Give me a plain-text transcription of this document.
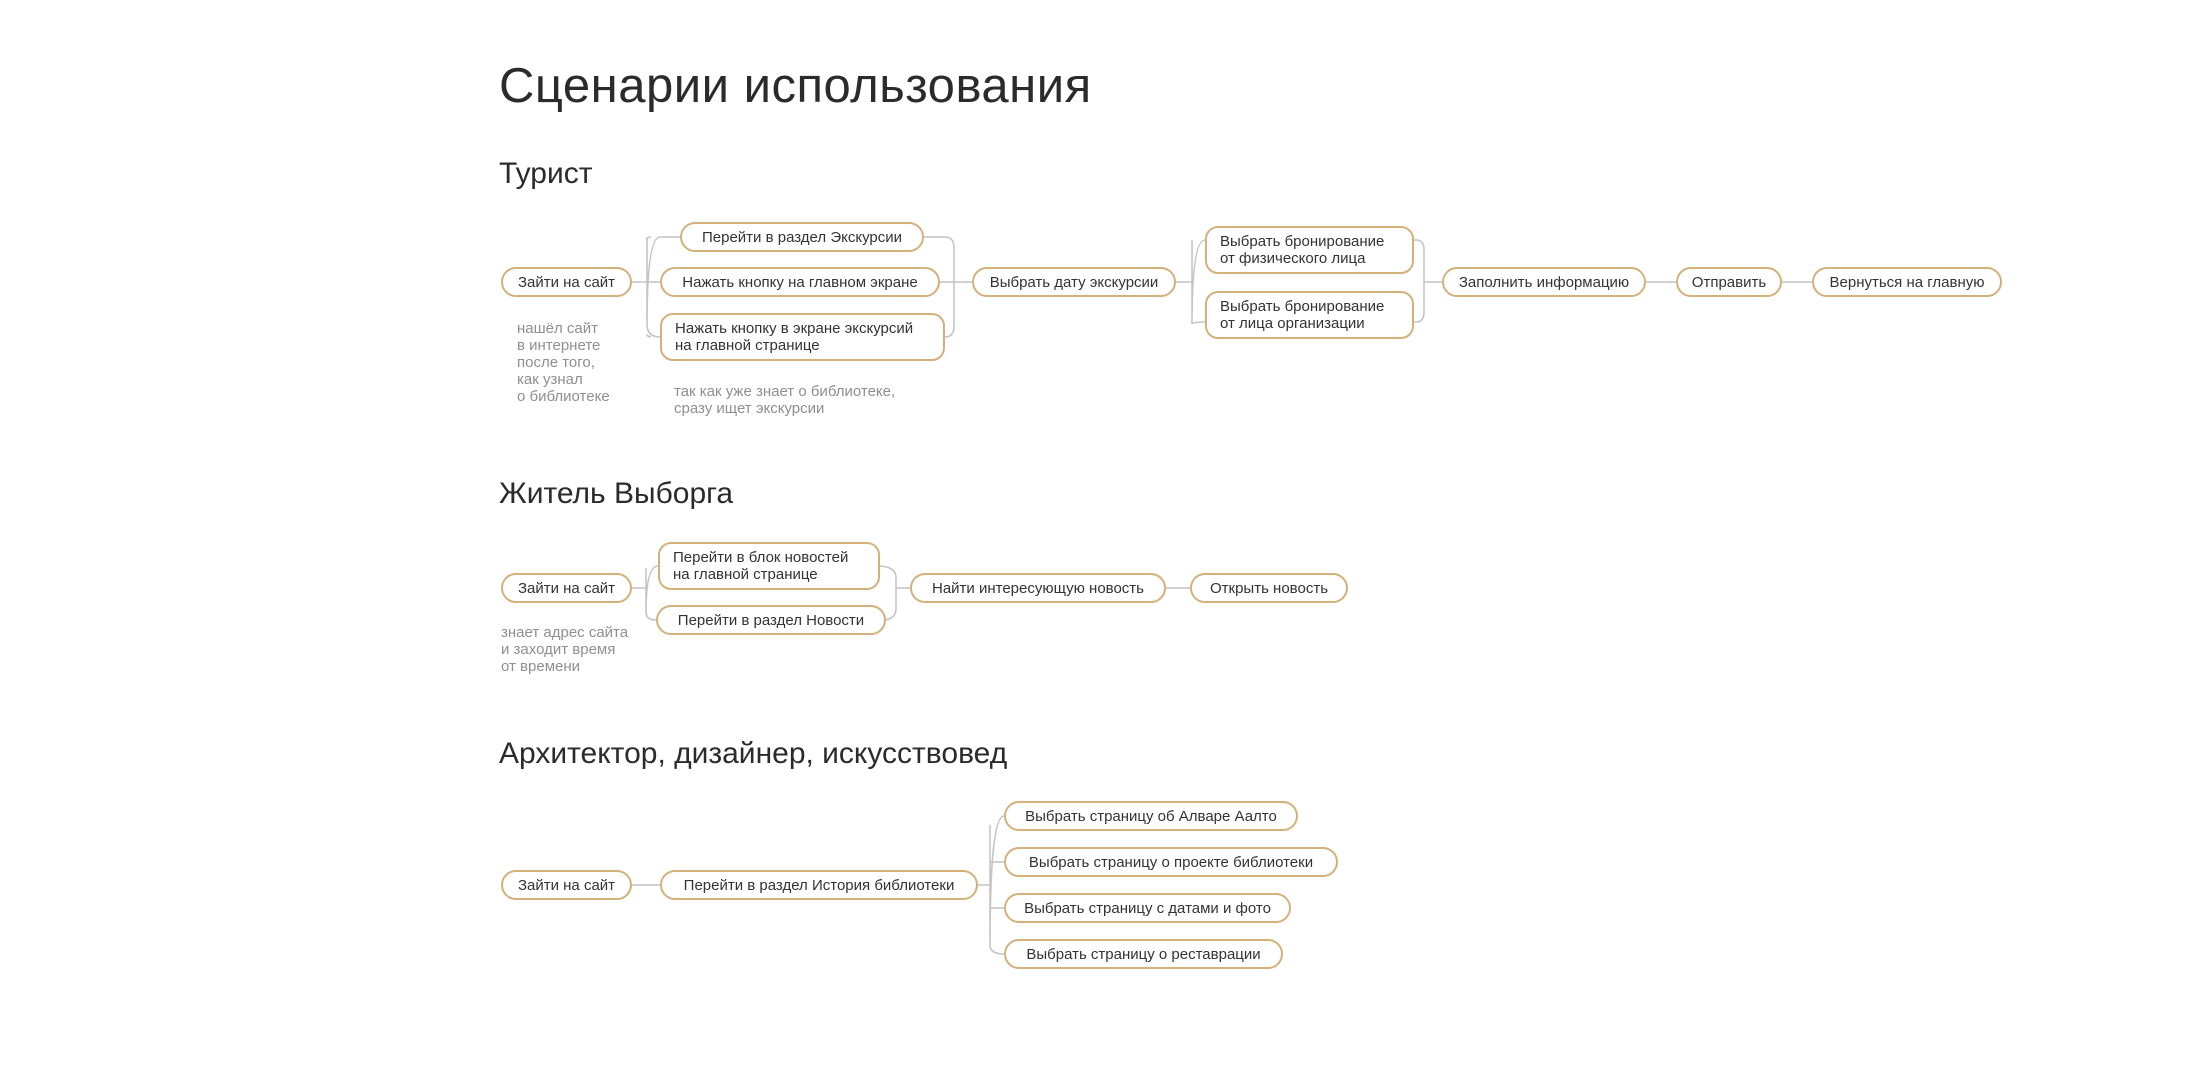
Сценарии использования
Турист
Зайти на сайт
Перейти в раздел Экскурсии
Нажать кнопку на главном экране
Нажать кнопку в экране экскурсий
на главной странице
Выбрать дату экскурсии
Выбрать бронирование
от физического лица
Выбрать бронирование
от лица организации
Заполнить информацию	Отправить	Вернуться на главную
нашёл сайт
в интернете
после того,
как узнал
о библиотеке	так как уже знает о библиотеке,
сразу ищет экскурсии
Житель Выборга
Зайти на сайт
Перейти в блок новостей
на главной странице
Перейти в раздел Новости
Найти интересующую новость	Открыть новость
знает адрес сайта
и заходит время
от времени
Архитектор, дизайнер, искусствовед
Зайти на сайт	Перейти в раздел История библиотеки
Выбрать страницу об Алваре Аалто
Выбрать страницу о проекте библиотеки
Выбрать страницу с датами и фото
Выбрать страницу о реставрации
